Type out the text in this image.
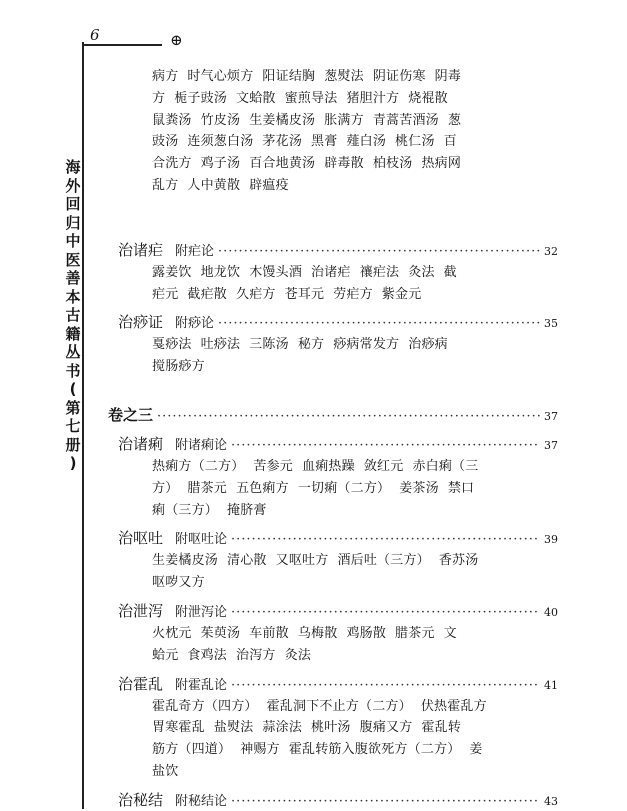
6	⊕
海
外
回
归
中
医
善
本
古
籍
丛
书
(
第
七
册
)
病方 时气心烦方 阳证结胸 葱熨法 阴证伤寒 阴毒
方 栀子豉汤 文蛤散 蜜煎导法 猪胆汁方 烧裩散
鼠粪汤 竹皮汤 生姜橘皮汤 胀满方 青蒿苦酒汤 葱
豉汤 连须葱白汤 茅花汤 黑膏 薤白汤 桃仁汤 百
合洗方 鸡子汤 百合地黄汤 辟毒散 柏枝汤 热病网
乱方 人中黄散 辟瘟疫
治诸疟 附疟论 ·····	32
露姜饮 地龙饮 木馒头酒 治诸疟 禳疟法 灸法 截
疟元 截疟散 久疟方 苍耳元 劳疟方 紫金元
治痧证 附痧论 ·····	35
戛痧法 吐痧法 三陈汤 秘方 痧病常发方 治痧病
搅肠痧方
卷之三 ·····	37
治诸痢 附诸痢论 ·····	37
热痢方（二方） 苦参元 血痢热躁 敛红元 赤白痢（三
方） 腊茶元 五色痢方 一切痢（二方） 姜茶汤 禁口
痢（三方） 掩脐膏
治呕吐 附呕吐论 ·····	39
生姜橘皮汤 清心散 又呕吐方 酒后吐（三方） 香苏汤
呕哕又方
治泄泻 附泄泻论 ·····	40
火枕元 茱萸汤 车前散 乌梅散 鸡肠散 腊茶元 文
蛤元 食鸡法 治泻方 灸法
治霍乱 附霍乱论 ·····	41
霍乱奇方（四方） 霍乱洞下不止方（二方） 伏热霍乱方
胃寒霍乱 盐熨法 蒜涂法 桃叶汤 腹痛又方 霍乱转
筋方（四道） 神赐方 霍乱转筋入腹欲死方（二方） 姜
盐饮
治秘结 附秘结论 ·····	43
